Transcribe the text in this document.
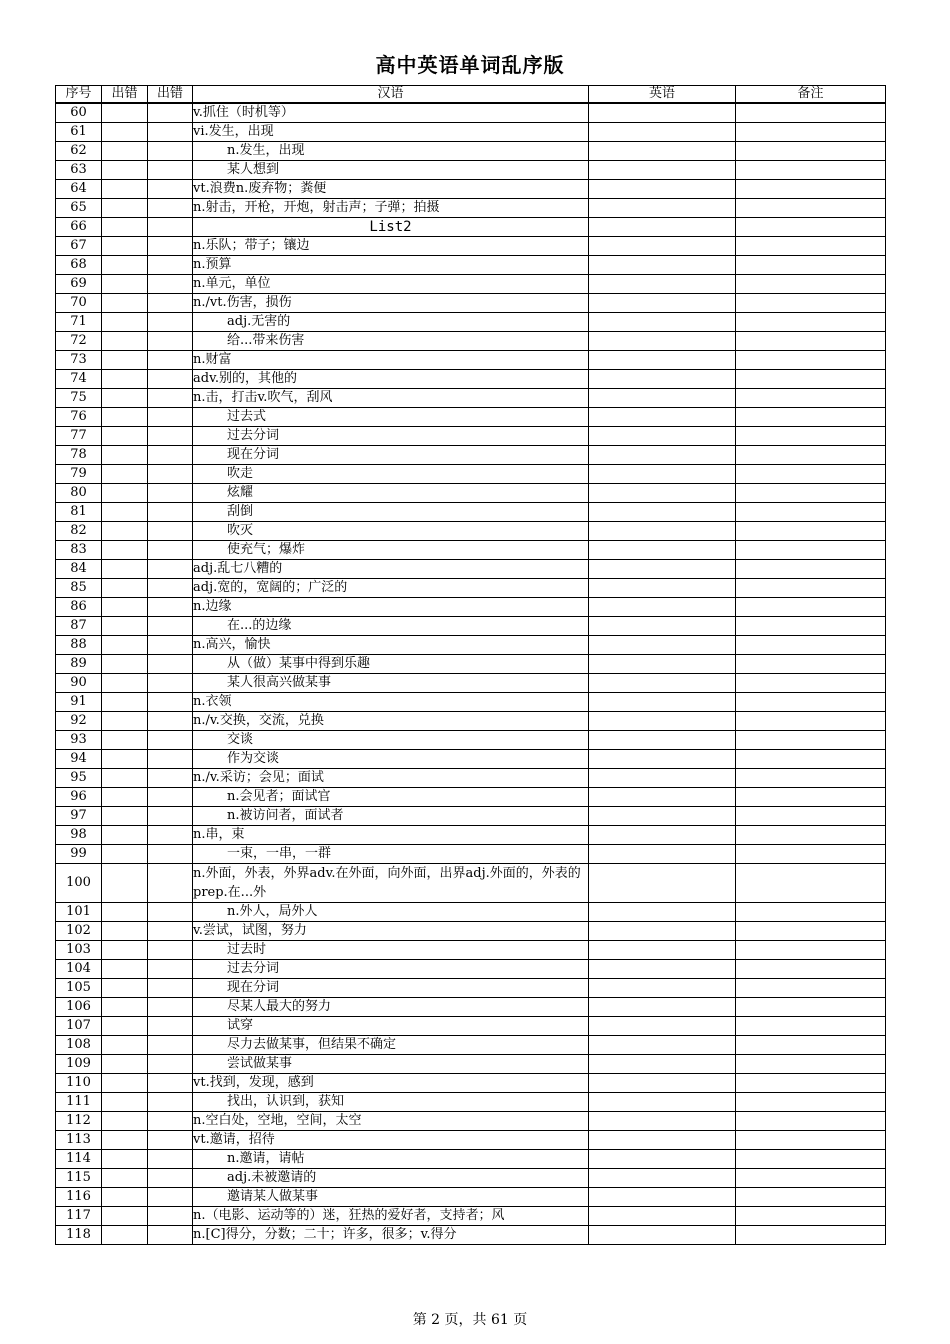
高中英语单词乱序版
序号	出错	出错	汉语	英语	备注
60			v.抓住（时机等）		
61			vi.发生，出现		
62			n.发生，出现		
63			某人想到		
64			vt.浪费n.废弃物；粪便		
65			n.射击，开枪，开炮，射击声；子弹；拍摄		
66			List2		
67			n.乐队；带子；镶边		
68			n.预算		
69			n.单元，单位		
70			n./vt.伤害，损伤		
71			adj.无害的		
72			给...带来伤害		
73			n.财富		
74			adv.别的，其他的		
75			n.击，打击v.吹气，刮风		
76			过去式		
77			过去分词		
78			现在分词		
79			吹走		
80			炫耀		
81			刮倒		
82			吹灭		
83			使充气；爆炸		
84			adj.乱七八糟的		
85			adj.宽的，宽阔的；广泛的		
86			n.边缘		
87			在...的边缘		
88			n.高兴，愉快		
89			从（做）某事中得到乐趣		
90			某人很高兴做某事		
91			n.衣领		
92			n./v.交换，交流，兑换		
93			交谈		
94			作为交谈		
95			n./v.采访；会见；面试		
96			n.会见者；面试官		
97			n.被访问者，面试者		
98			n.串，束		
99			一束，一串，一群		
100			n.外面，外表，外界adv.在外面，向外面，出界adj.外面的，外表的prep.在...外		
101			n.外人，局外人		
102			v.尝试，试图，努力		
103			过去时		
104			过去分词		
105			现在分词		
106			尽某人最大的努力		
107			试穿		
108			尽力去做某事，但结果不确定		
109			尝试做某事		
110			vt.找到，发现，感到		
111			找出，认识到，获知		
112			n.空白处，空地，空间，太空		
113			vt.邀请，招待		
114			n.邀请，请帖		
115			adj.未被邀请的		
116			邀请某人做某事		
117			n.（电影、运动等的）迷，狂热的爱好者，支持者；风		
118			n.[C]得分，分数；二十；许多，很多；v.得分		
第 2 页，共 61 页
